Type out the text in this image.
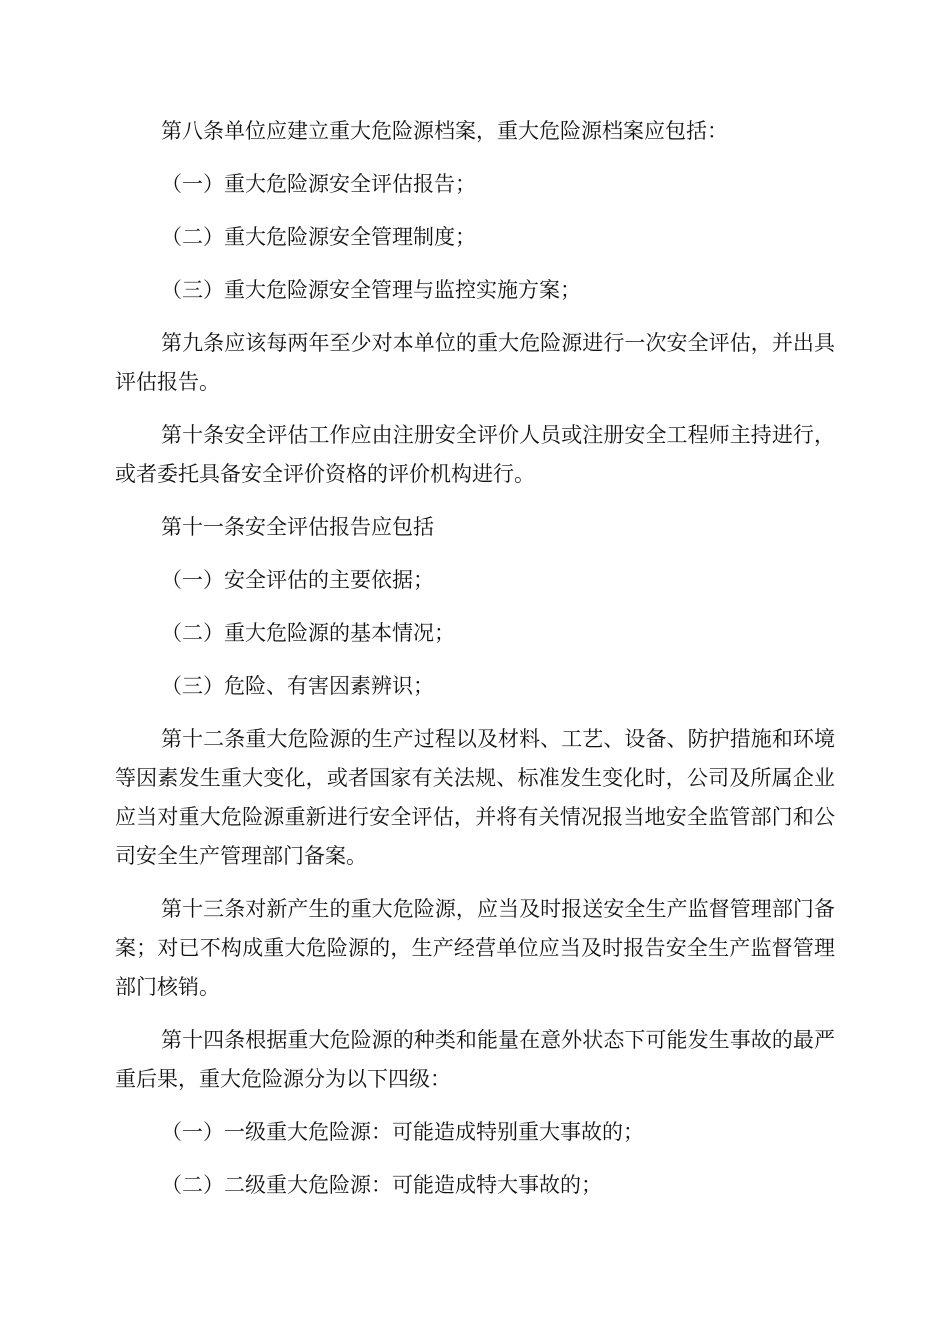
第八条单位应建立重大危险源档案，重大危险源档案应包括：

（一）重大危险源安全评估报告；

（二）重大危险源安全管理制度；

（三）重大危险源安全管理与监控实施方案；

第九条应该每两年至少对本单位的重大危险源进行一次安全评估，并出具评估报告。

第十条安全评估工作应由注册安全评价人员或注册安全工程师主持进行，或者委托具备安全评价资格的评价机构进行。

第十一条安全评估报告应包括

（一）安全评估的主要依据；

（二）重大危险源的基本情况；

（三）危险、有害因素辨识；

第十二条重大危险源的生产过程以及材料、工艺、设备、防护措施和环境等因素发生重大变化，或者国家有关法规、标准发生变化时，公司及所属企业应当对重大危险源重新进行安全评估，并将有关情况报当地安全监管部门和公司安全生产管理部门备案。

第十三条对新产生的重大危险源，应当及时报送安全生产监督管理部门备案；对已不构成重大危险源的，生产经营单位应当及时报告安全生产监督管理部门核销。

第十四条根据重大危险源的种类和能量在意外状态下可能发生事故的最严重后果，重大危险源分为以下四级：

（一）一级重大危险源：可能造成特别重大事故的；

（二）二级重大危险源：可能造成特大事故的；
